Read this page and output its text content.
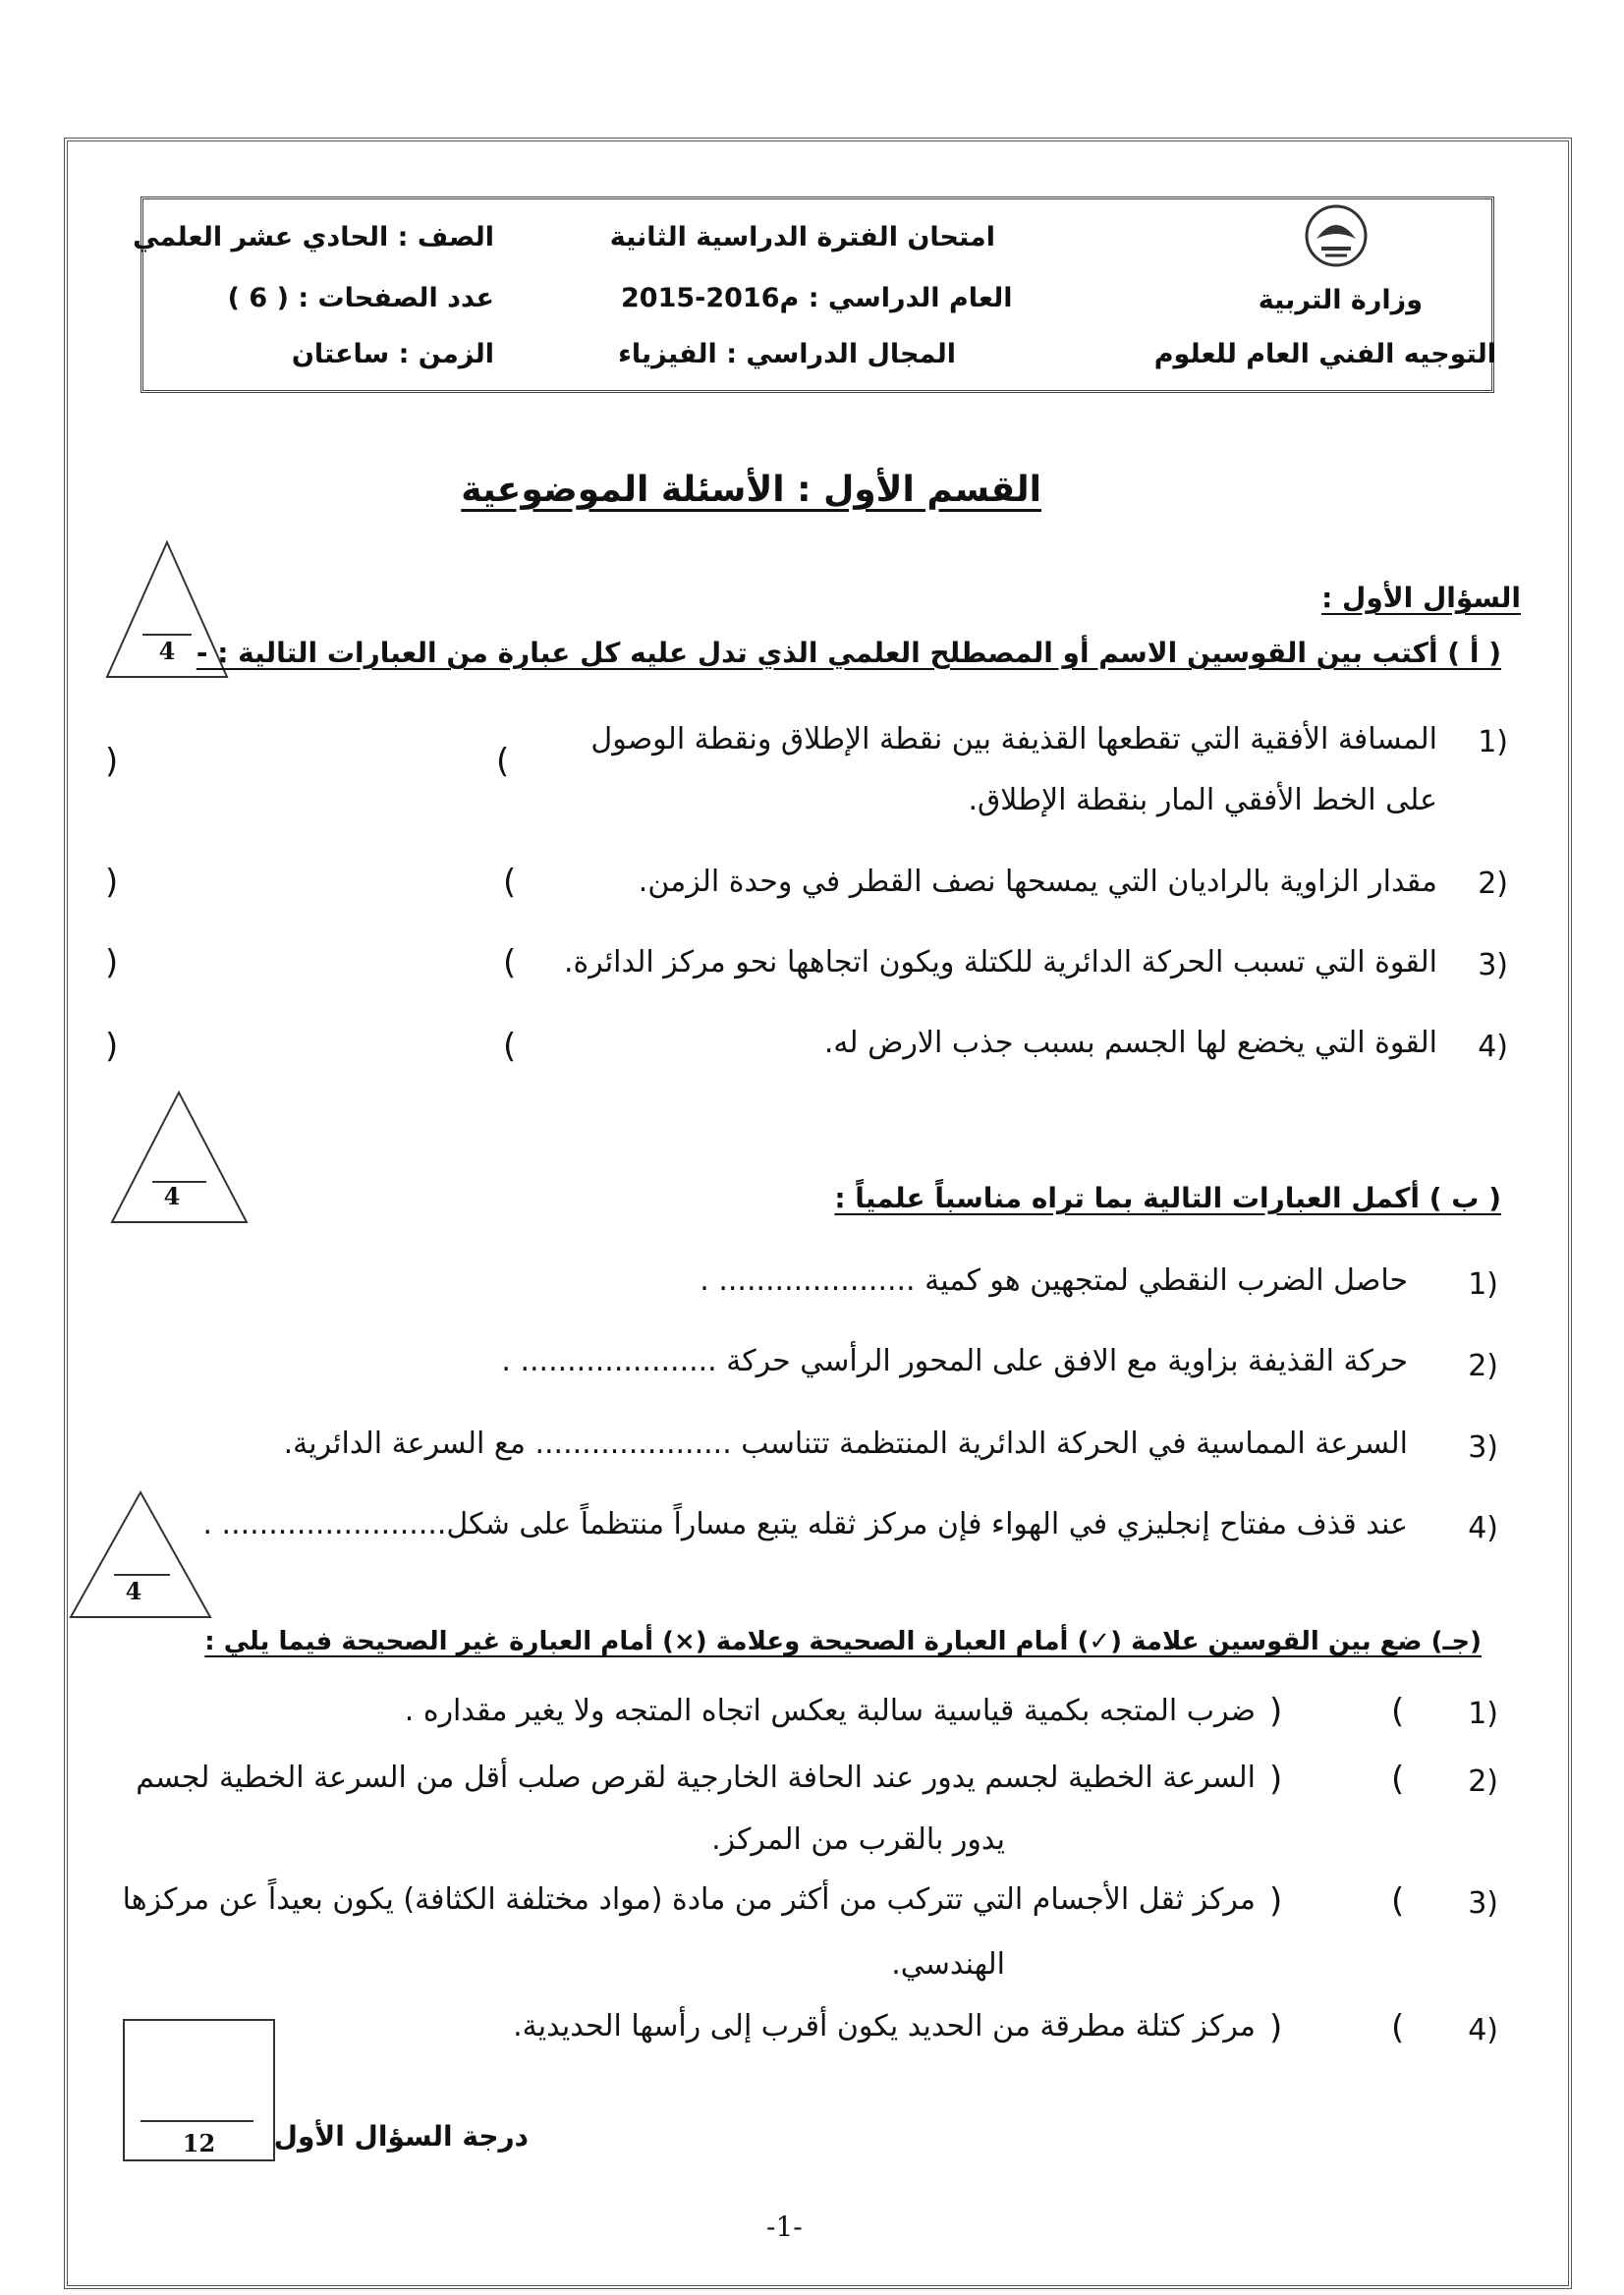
وزارة التربية
التوجيه الفني العام للعلوم
امتحان الفترة الدراسية الثانية
2015-2016م العام الدراسي :
المجال الدراسي : الفيزياء
الصف : الحادي عشر العلمي
عدد الصفحات : ( 6 )
الزمن : ساعتان
القسم الأول : الأسئلة الموضوعية
السؤال الأول :
4 ( أ ) أكتب بين القوسين الاسم أو المصطلح العلمي الذي تدل عليه كل عبارة من العبارات التالية : -
1)
المسافة الأفقية التي تقطعها القذيفة بين نقطة الإطلاق ونقطة الوصول
على الخط الأفقي المار بنقطة الإطلاق.
(
)
2)
مقدار الزاوية بالراديان التي يمسحها نصف القطر في وحدة الزمن.
(
)
3)
القوة التي تسبب الحركة الدائرية للكتلة ويكون اتجاهها نحو مركز الدائرة.
(
)
4)
القوة التي يخضع لها الجسم بسبب جذب الارض له.
(
)
4	( ب ) أكمل العبارات التالية بما تراه مناسباً علمياً :
1)
حاصل الضرب النقطي لمتجهين هو كمية ..................... .
2)
حركة القذيفة بزاوية مع الافق على المحور الرأسي حركة ..................... .
3)
السرعة المماسية في الحركة الدائرية المنتظمة تتناسب ..................... مع السرعة الدائرية.
4)
عند قذف مفتاح إنجليزي في الهواء فإن مركز ثقله يتبع مساراً منتظماً على شكل........................ .
4
(جـ) ضع بين القوسين علامة (✓) أمام العبارة الصحيحة وعلامة (×) أمام العبارة غير الصحيحة فيما يلي :
1)
(
)
ضرب المتجه بكمية قياسية سالبة يعكس اتجاه المتجه ولا يغير مقداره .
2)
(
)
السرعة الخطية لجسم يدور عند الحافة الخارجية لقرص صلب أقل من السرعة الخطية لجسم
يدور بالقرب من المركز.
3)
(
)
مركز ثقل الأجسام التي تتركب من أكثر من مادة (مواد مختلفة الكثافة) يكون بعيداً عن مركزها
الهندسي.
4)
(
)
مركز كتلة مطرقة من الحديد يكون أقرب إلى رأسها الحديدية.
12	درجة السؤال الأول
-1-
